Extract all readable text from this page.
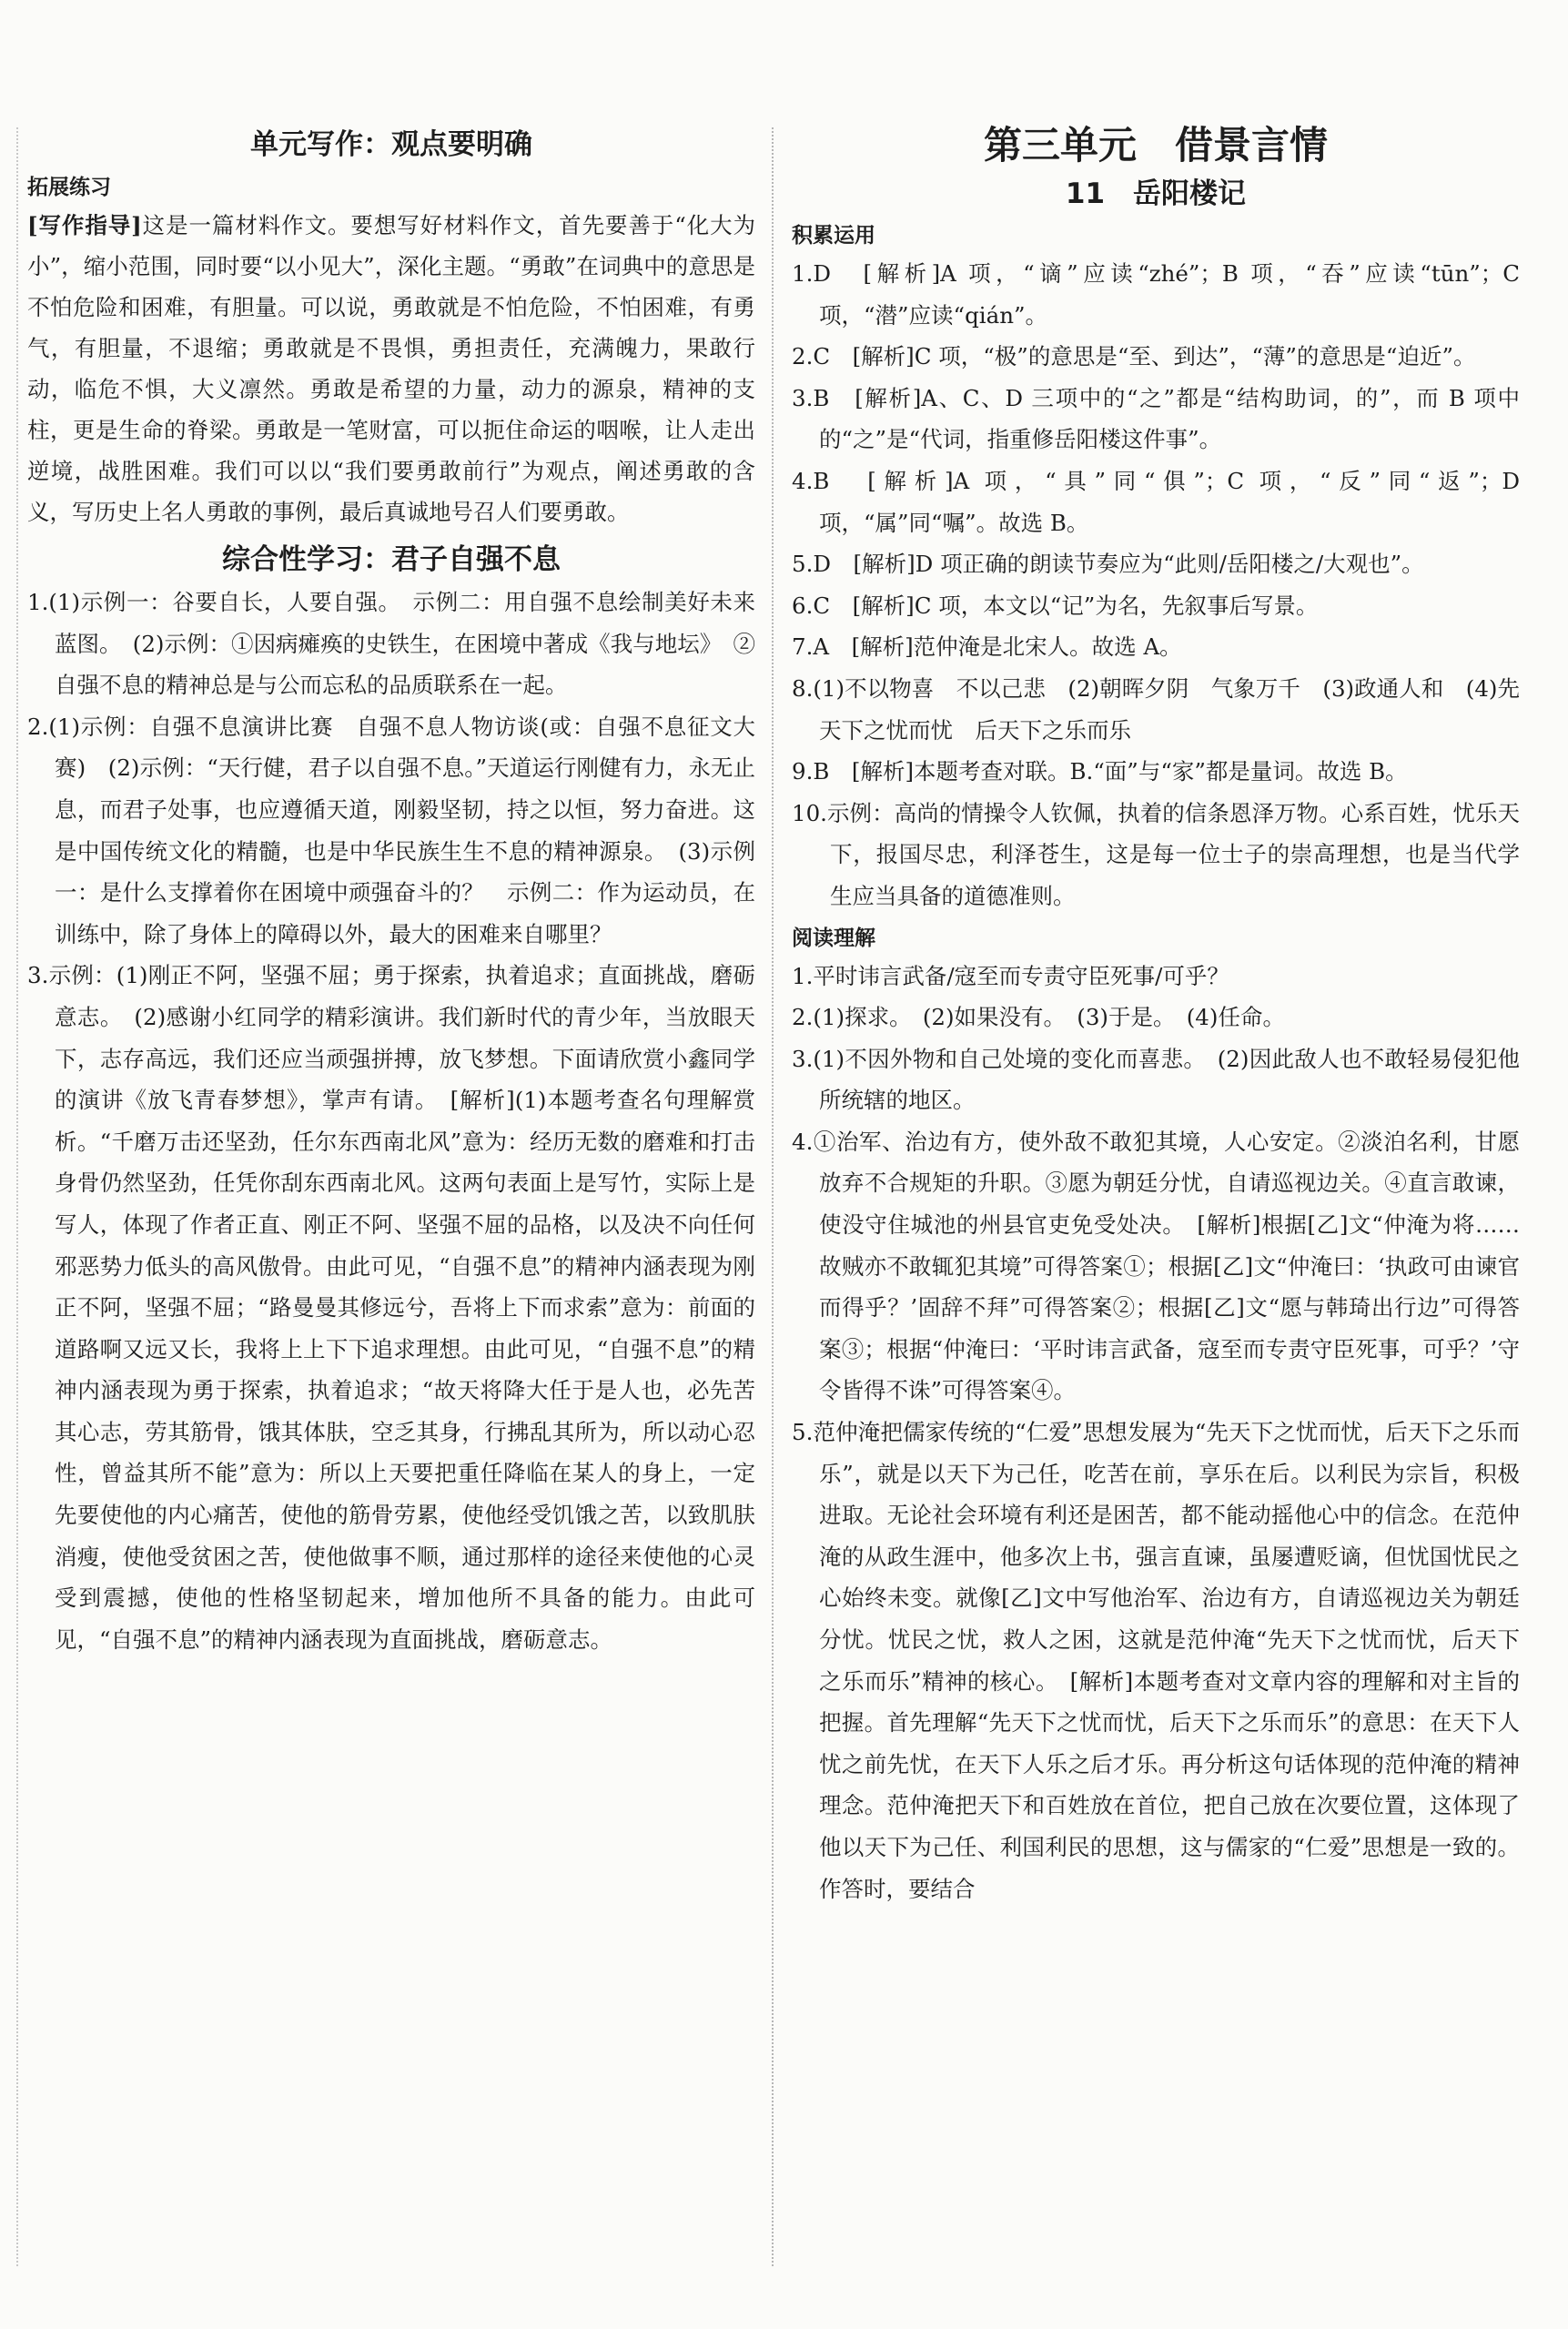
单元写作：观点要明确

拓展练习

[写作指导]这是一篇材料作文。要想写好材料作文，首先要善于“化大为小”，缩小范围，同时要“以小见大”，深化主题。“勇敢”在词典中的意思是不怕危险和困难，有胆量。可以说，勇敢就是不怕危险，不怕困难，有勇气，有胆量，不退缩；勇敢就是不畏惧，勇担责任，充满魄力，果敢行动，临危不惧，大义凛然。勇敢是希望的力量，动力的源泉，精神的支柱，更是生命的脊梁。勇敢是一笔财富，可以扼住命运的咽喉，让人走出逆境，战胜困难。我们可以以“我们要勇敢前行”为观点，阐述勇敢的含义，写历史上名人勇敢的事例，最后真诚地号召人们要勇敢。

综合性学习：君子自强不息

1.(1)示例一：谷要自长，人要自强。　示例二：用自强不息绘制美好未来蓝图。　(2)示例：①因病瘫痪的史铁生，在困境中著成《我与地坛》　②自强不息的精神总是与公而忘私的品质联系在一起。

2.(1)示例：自强不息演讲比赛　自强不息人物访谈(或：自强不息征文大赛)　(2)示例：“天行健，君子以自强不息。”天道运行刚健有力，永无止息，而君子处事，也应遵循天道，刚毅坚韧，持之以恒，努力奋进。这是中国传统文化的精髓，也是中华民族生生不息的精神源泉。　(3)示例一：是什么支撑着你在困境中顽强奋斗的？　示例二：作为运动员，在训练中，除了身体上的障碍以外，最大的困难来自哪里？

3.示例：(1)刚正不阿，坚强不屈；勇于探索，执着追求；直面挑战，磨砺意志。　(2)感谢小红同学的精彩演讲。我们新时代的青少年，当放眼天下，志存高远，我们还应当顽强拼搏，放飞梦想。下面请欣赏小鑫同学的演讲《放飞青春梦想》，掌声有请。　[解析](1)本题考查名句理解赏析。“千磨万击还坚劲，任尔东西南北风”意为：经历无数的磨难和打击身骨仍然坚劲，任凭你刮东西南北风。这两句表面上是写竹，实际上是写人，体现了作者正直、刚正不阿、坚强不屈的品格，以及决不向任何邪恶势力低头的高风傲骨。由此可见，“自强不息”的精神内涵表现为刚正不阿，坚强不屈；“路曼曼其修远兮，吾将上下而求索”意为：前面的道路啊又远又长，我将上上下下追求理想。由此可见，“自强不息”的精神内涵表现为勇于探索，执着追求；“故天将降大任于是人也，必先苦其心志，劳其筋骨，饿其体肤，空乏其身，行拂乱其所为，所以动心忍性，曾益其所不能”意为：所以上天要把重任降临在某人的身上，一定先要使他的内心痛苦，使他的筋骨劳累，使他经受饥饿之苦，以致肌肤消瘦，使他受贫困之苦，使他做事不顺，通过那样的途径来使他的心灵受到震撼，使他的性格坚韧起来，增加他所不具备的能力。由此可见，“自强不息”的精神内涵表现为直面挑战，磨砺意志。

第三单元　借景言情
11　岳阳楼记

积累运用

1.D　[解析]A 项，“谪”应读“zhé”；B 项，“吞”应读“tūn”；C 项，“潜”应读“qián”。

2.C　[解析]C 项，“极”的意思是“至、到达”，“薄”的意思是“迫近”。

3.B　[解析]A、C、D 三项中的“之”都是“结构助词，的”，而 B 项中的“之”是“代词，指重修岳阳楼这件事”。

4.B　[解析]A 项，“具”同“俱”；C 项，“反”同“返”；D 项，“属”同“嘱”。故选 B。

5.D　[解析]D 项正确的朗读节奏应为“此则/岳阳楼之/大观也”。

6.C　[解析]C 项，本文以“记”为名，先叙事后写景。

7.A　[解析]范仲淹是北宋人。故选 A。

8.(1)不以物喜　不以己悲　(2)朝晖夕阴　气象万千　(3)政通人和　(4)先天下之忧而忧　后天下之乐而乐

9.B　[解析]本题考查对联。B.“面”与“家”都是量词。故选 B。

10.示例：高尚的情操令人钦佩，执着的信条恩泽万物。心系百姓，忧乐天下，报国尽忠，利泽苍生，这是每一位士子的崇高理想，也是当代学生应当具备的道德准则。

阅读理解

1.平时讳言武备/寇至而专责守臣死事/可乎？

2.(1)探求。　(2)如果没有。　(3)于是。　(4)任命。

3.(1)不因外物和自己处境的变化而喜悲。　(2)因此敌人也不敢轻易侵犯他所统辖的地区。

4.①治军、治边有方，使外敌不敢犯其境，人心安定。②淡泊名利，甘愿放弃不合规矩的升职。③愿为朝廷分忧，自请巡视边关。④直言敢谏，使没守住城池的州县官吏免受处决。　[解析]根据[乙]文“仲淹为将……故贼亦不敢辄犯其境”可得答案①；根据[乙]文“仲淹曰：‘执政可由谏官而得乎？’固辞不拜”可得答案②；根据[乙]文“愿与韩琦出行边”可得答案③；根据“仲淹曰：‘平时讳言武备，寇至而专责守臣死事，可乎？’守令皆得不诛”可得答案④。

5.范仲淹把儒家传统的“仁爱”思想发展为“先天下之忧而忧，后天下之乐而乐”，就是以天下为己任，吃苦在前，享乐在后。以利民为宗旨，积极进取。无论社会环境有利还是困苦，都不能动摇他心中的信念。在范仲淹的从政生涯中，他多次上书，强言直谏，虽屡遭贬谪，但忧国忧民之心始终未变。就像[乙]文中写他治军、治边有方，自请巡视边关为朝廷分忧。忧民之忧，救人之困，这就是范仲淹“先天下之忧而忧，后天下之乐而乐”精神的核心。　[解析]本题考查对文章内容的理解和对主旨的把握。首先理解“先天下之忧而忧，后天下之乐而乐”的意思：在天下人忧之前先忧，在天下人乐之后才乐。再分析这句话体现的范仲淹的精神理念。范仲淹把天下和百姓放在首位，把自己放在次要位置，这体现了他以天下为己任、利国利民的思想，这与儒家的“仁爱”思想是一致的。作答时，要结合
